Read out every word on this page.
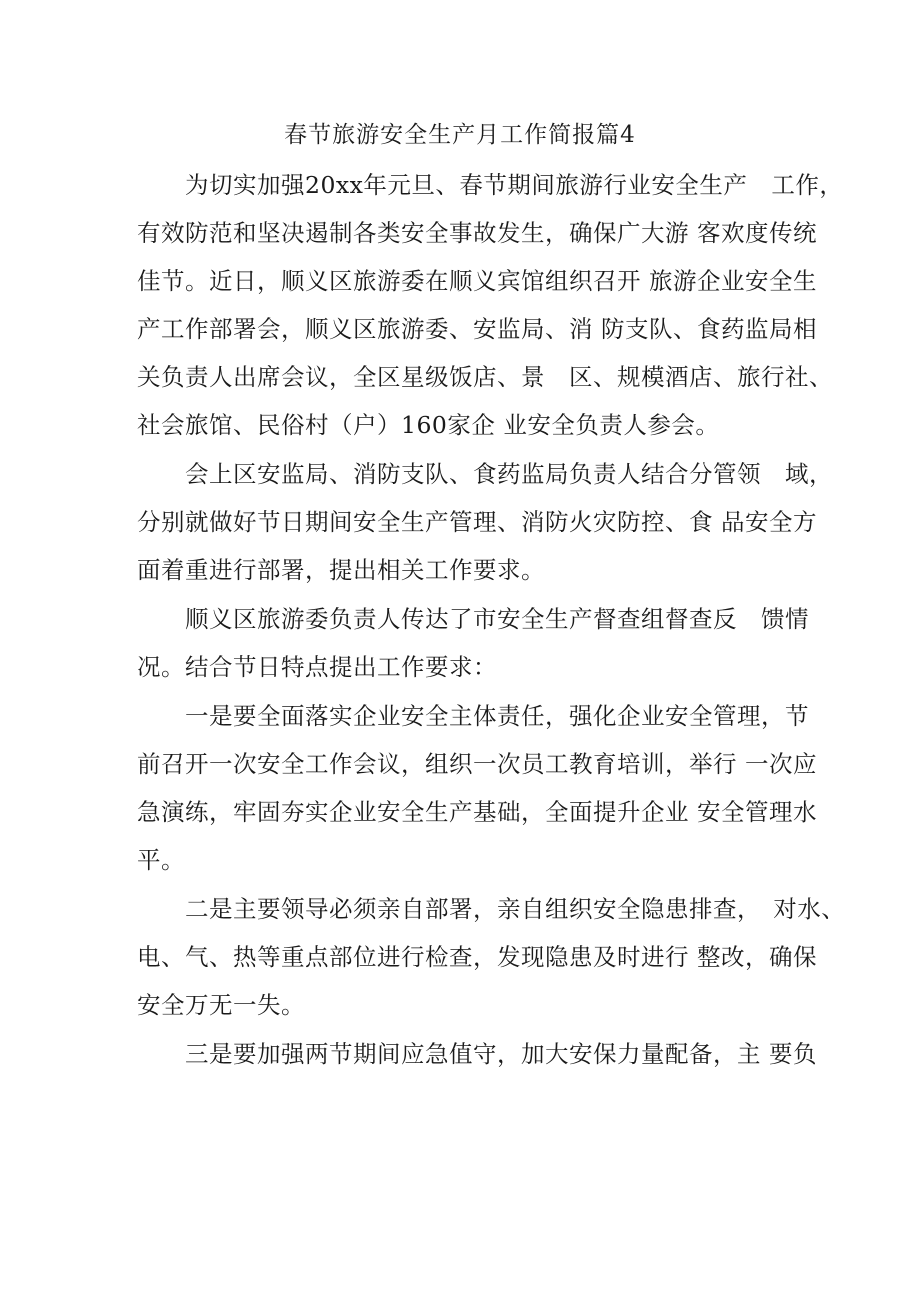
春节旅游安全生产月工作简报篇4
为切实加强20xx年元旦、春节期间旅游行业安全生产　工作，
有效防范和坚决遏制各类安全事故发生，确保广大游 客欢度传统
佳节。近日，顺义区旅游委在顺义宾馆组织召开 旅游企业安全生
产工作部署会，顺义区旅游委、安监局、消 防支队、食药监局相
关负责人出席会议，全区星级饭店、景　区、规模酒店、旅行社、
社会旅馆、民俗村（户）160家企 业安全负责人参会。
会上区安监局、消防支队、食药监局负责人结合分管领　域，
分别就做好节日期间安全生产管理、消防火灾防控、食 品安全方
面着重进行部署，提出相关工作要求。
顺义区旅游委负责人传达了市安全生产督查组督查反　馈情
况。结合节日特点提出工作要求：
一是要全面落实企业安全主体责任，强化企业安全管理，节
前召开一次安全工作会议，组织一次员工教育培训，举行 一次应
急演练，牢固夯实企业安全生产基础，全面提升企业 安全管理水
平。
二是主要领导必须亲自部署，亲自组织安全隐患排查，　对水、
电、气、热等重点部位进行检查，发现隐患及时进行 整改，确保
安全万无一失。
三是要加强两节期间应急值守，加大安保力量配备，主 要负
